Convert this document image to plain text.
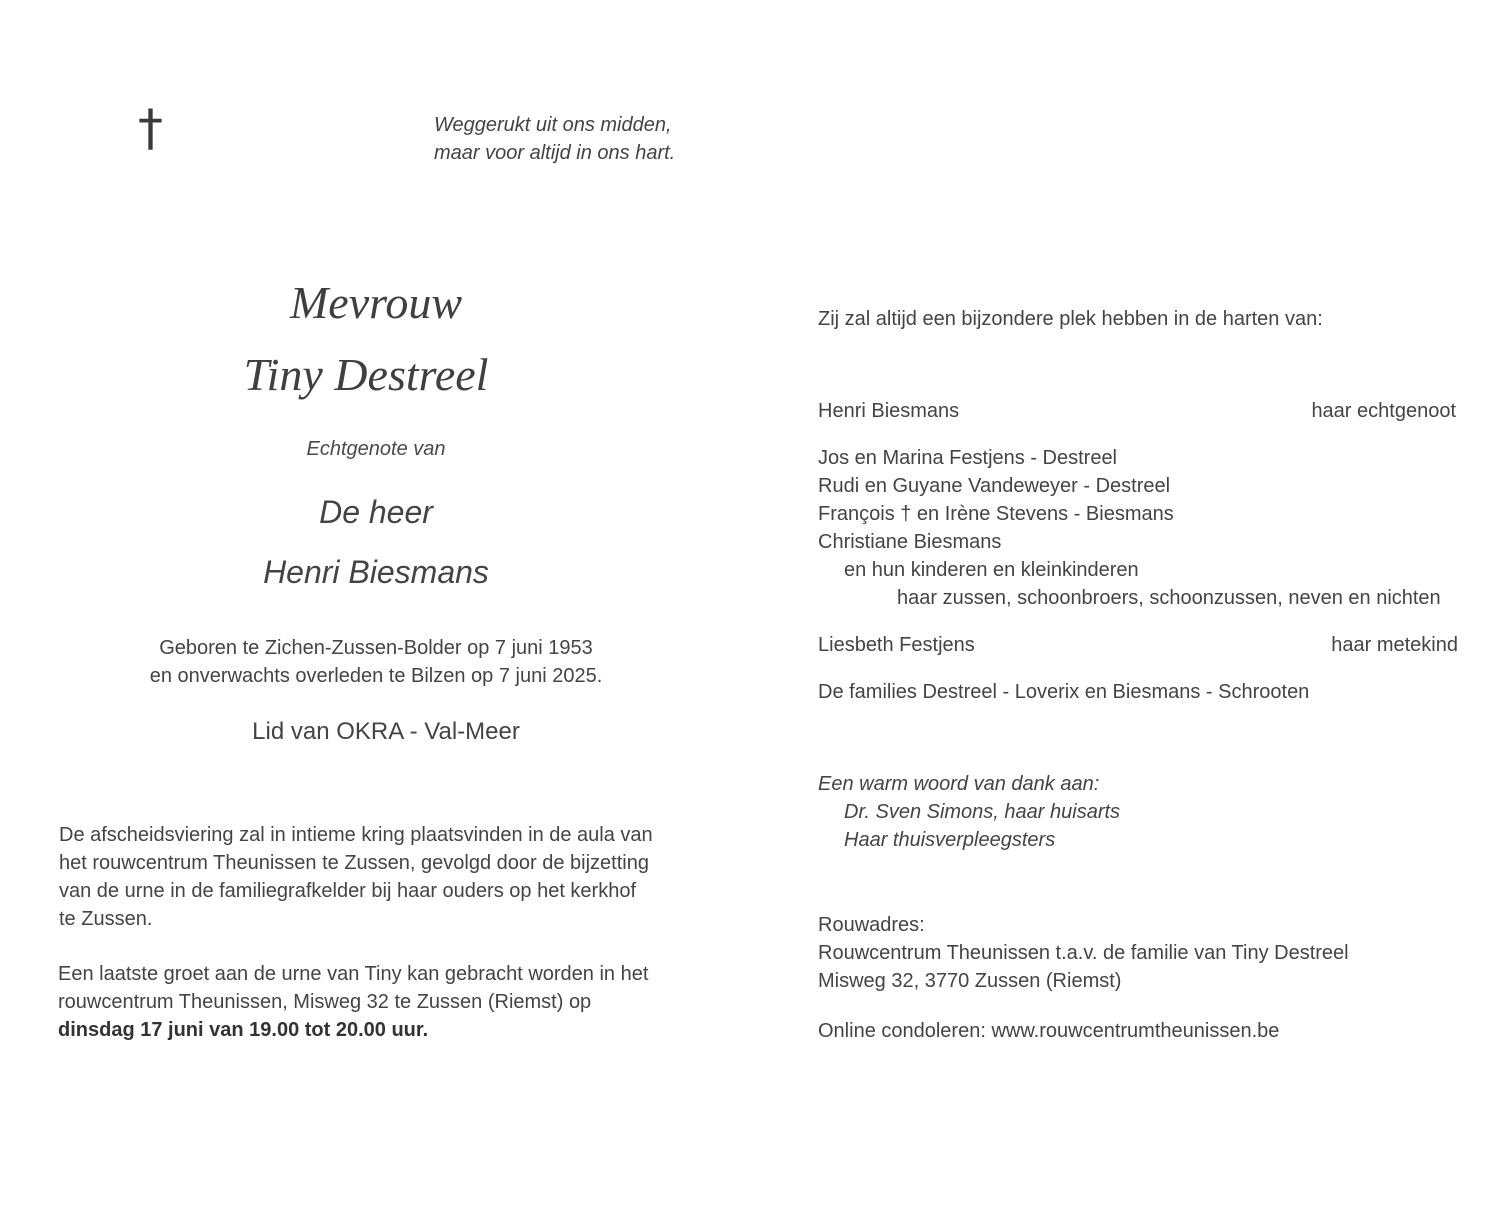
†	Weggerukt uit ons midden,
maar voor altijd in ons hart.
Mevrouw
Tiny Destreel
Echtgenote van
De heer
Henri Biesmans
Geboren te Zichen-Zussen-Bolder op 7 juni 1953
en onverwachts overleden te Bilzen op 7 juni 2025.
Lid van OKRA - Val-Meer
De afscheidsviering zal in intieme kring plaatsvinden in de aula van
het rouwcentrum Theunissen te Zussen, gevolgd door de bijzetting
van de urne in de familiegrafkelder bij haar ouders op het kerkhof
te Zussen.
Een laatste groet aan de urne van Tiny kan gebracht worden in het
rouwcentrum Theunissen, Misweg 32 te Zussen (Riemst) op
dinsdag 17 juni van 19.00 tot 20.00 uur.
Zij zal altijd een bijzondere plek hebben in de harten van:
Henri Biesmans	haar echtgenoot
Jos en Marina Festjens - Destreel
Rudi en Guyane Vandeweyer - Destreel
François † en Irène Stevens - Biesmans
Christiane Biesmans
en hun kinderen en kleinkinderen
haar zussen, schoonbroers, schoonzussen, neven en nichten
Liesbeth Festjens	haar metekind
De families Destreel - Loverix en Biesmans - Schrooten
Een warm woord van dank aan:
Dr. Sven Simons, haar huisarts
Haar thuisverpleegsters
Rouwadres:
Rouwcentrum Theunissen t.a.v. de familie van Tiny Destreel
Misweg 32, 3770 Zussen (Riemst)
Online condoleren: www.rouwcentrumtheunissen.be
